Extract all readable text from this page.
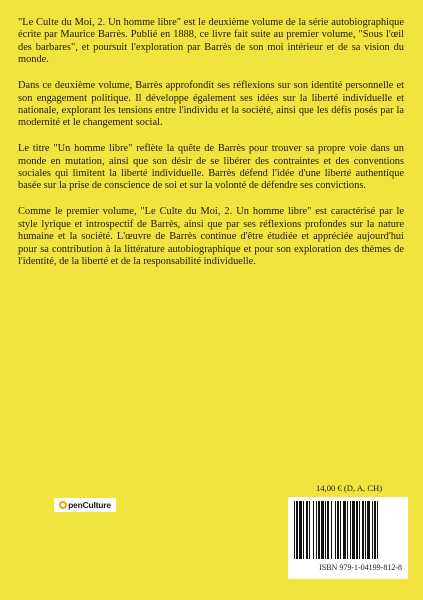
"Le Culte du Moi, 2. Un homme libre" est le deuxième volume de la série autobiographique écrite par Maurice Barrès. Publié en 1888, ce livre fait suite au premier volume, "Sous l'œil des barbares", et poursuit l'exploration par Barrès de son moi intérieur et de sa vision du monde.

Dans ce deuxième volume, Barrès approfondit ses réflexions sur son identité personnelle et son engagement politique. Il développe également ses idées sur la liberté individuelle et nationale, explorant les tensions entre l'individu et la société, ainsi que les défis posés par la modernité et le changement social.

Le titre "Un homme libre" reflète la quête de Barrès pour trouver sa propre voie dans un monde en mutation, ainsi que son désir de se libérer des contraintes et des conventions sociales qui limitent la liberté individuelle. Barrès défend l'idée d'une liberté authentique basée sur la prise de conscience de soi et sur la volonté de défendre ses convictions.

Comme le premier volume, "Le Culte du Moi, 2. Un homme libre" est caractérisé par le style lyrique et introspectif de Barrès, ainsi que par ses réflexions profondes sur la nature humaine et la société. L'œuvre de Barrès continue d'être étudiée et appréciée aujourd'hui pour sa contribution à la littérature autobiographique et pour son exploration des thèmes de l'identité, de la liberté et de la responsabilité individuelle.

pen Culture
14,00 € (D, A, CH)
ISBN 979-1-04199-812-8
